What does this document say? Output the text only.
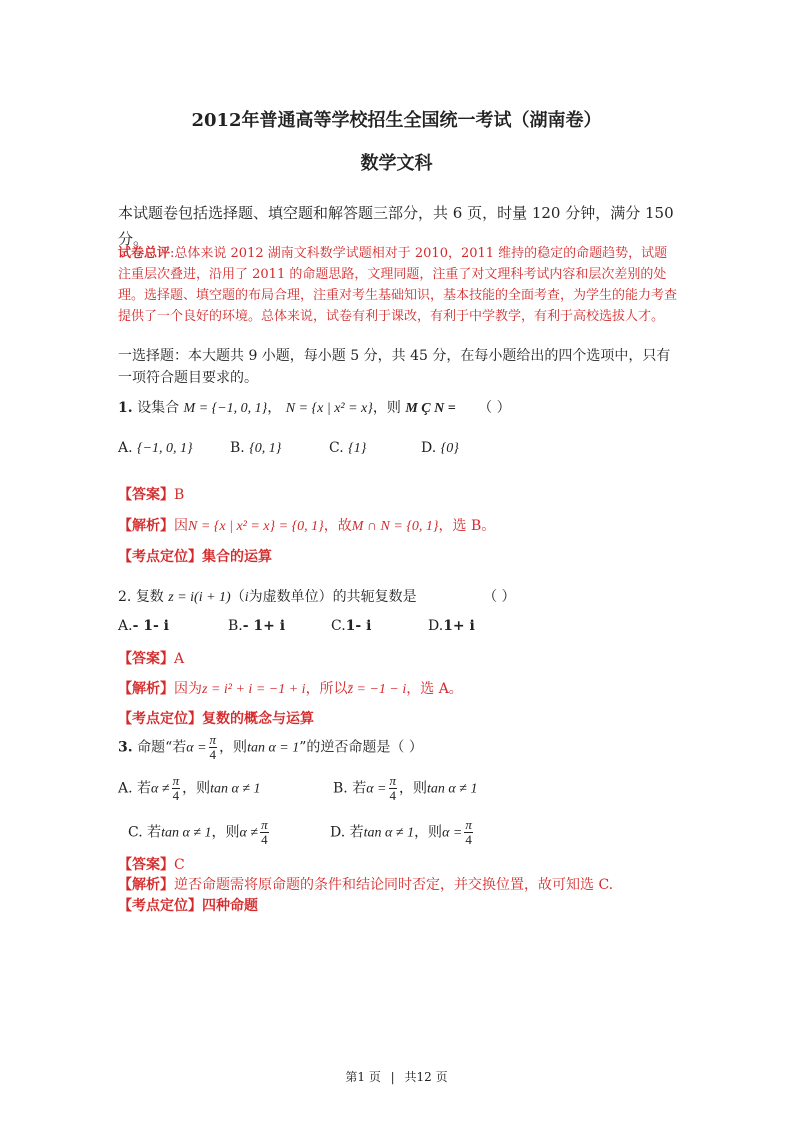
2012年普通高等学校招生全国统一考试（湖南卷）
数学文科
本试题卷包括选择题、填空题和解答题三部分，共 6 页，时量 120 分钟，满分 150 分。
试卷总评:总体来说 2012 湖南文科数学试题相对于 2010，2011 维持的稳定的命题趋势，试题注重层次叠进，沿用了 2011 的命题思路，文理同题，注重了对文理科考试内容和层次差别的处理。选择题、填空题的布局合理，注重对考生基础知识，基本技能的全面考查，为学生的能力考查提供了一个良好的环境。总体来说，试卷有利于课改，有利于中学教学，有利于高校选拔人才。
一选择题：本大题共 9 小题，每小题 5 分，共 45 分，在每小题给出的四个选项中，只有一项符合题目要求的。
1. 设集合 M = {−1, 0, 1}， N = {x | x² = x}，则 M Ç N = （ ）
A. {−1, 0, 1}	B. {0, 1}	C. {1}	D. {0}
【答案】B
【解析】因N = {x | x² = x} = {0, 1}，故M ∩ N = {0, 1}，选 B。
【考点定位】集合的运算
2. 复数 z = i(i + 1)（i为虚数单位）的共轭复数是	（ ）
A.- 1- i	B.- 1+ i	C.1- i	D.1+ i
【答案】A
【解析】因为z = i² + i = −1 + i，所以z̄ = −1 − i，选 A。
【考点定位】复数的概念与运算
3. 命题“若$\alpha = \frac{\pi}{4}$ ，则tan α = 1”的逆否命题是（ ）
A. 若$\alpha \ne \frac{\pi}{4}$ ，则tan α ≠ 1	B. 若$\alpha = \frac{\pi}{4}$ ，则tan α ≠ 1
C. 若tan α ≠ 1，则$\alpha \ne \frac{\pi}{4}$	D. 若tan α ≠ 1，则$\alpha = \frac{\pi}{4}$
【答案】C
【解析】逆否命题需将原命题的条件和结论同时否定，并交换位置，故可知选 C.
【考点定位】四种命题
第1 页 | 共12 页
